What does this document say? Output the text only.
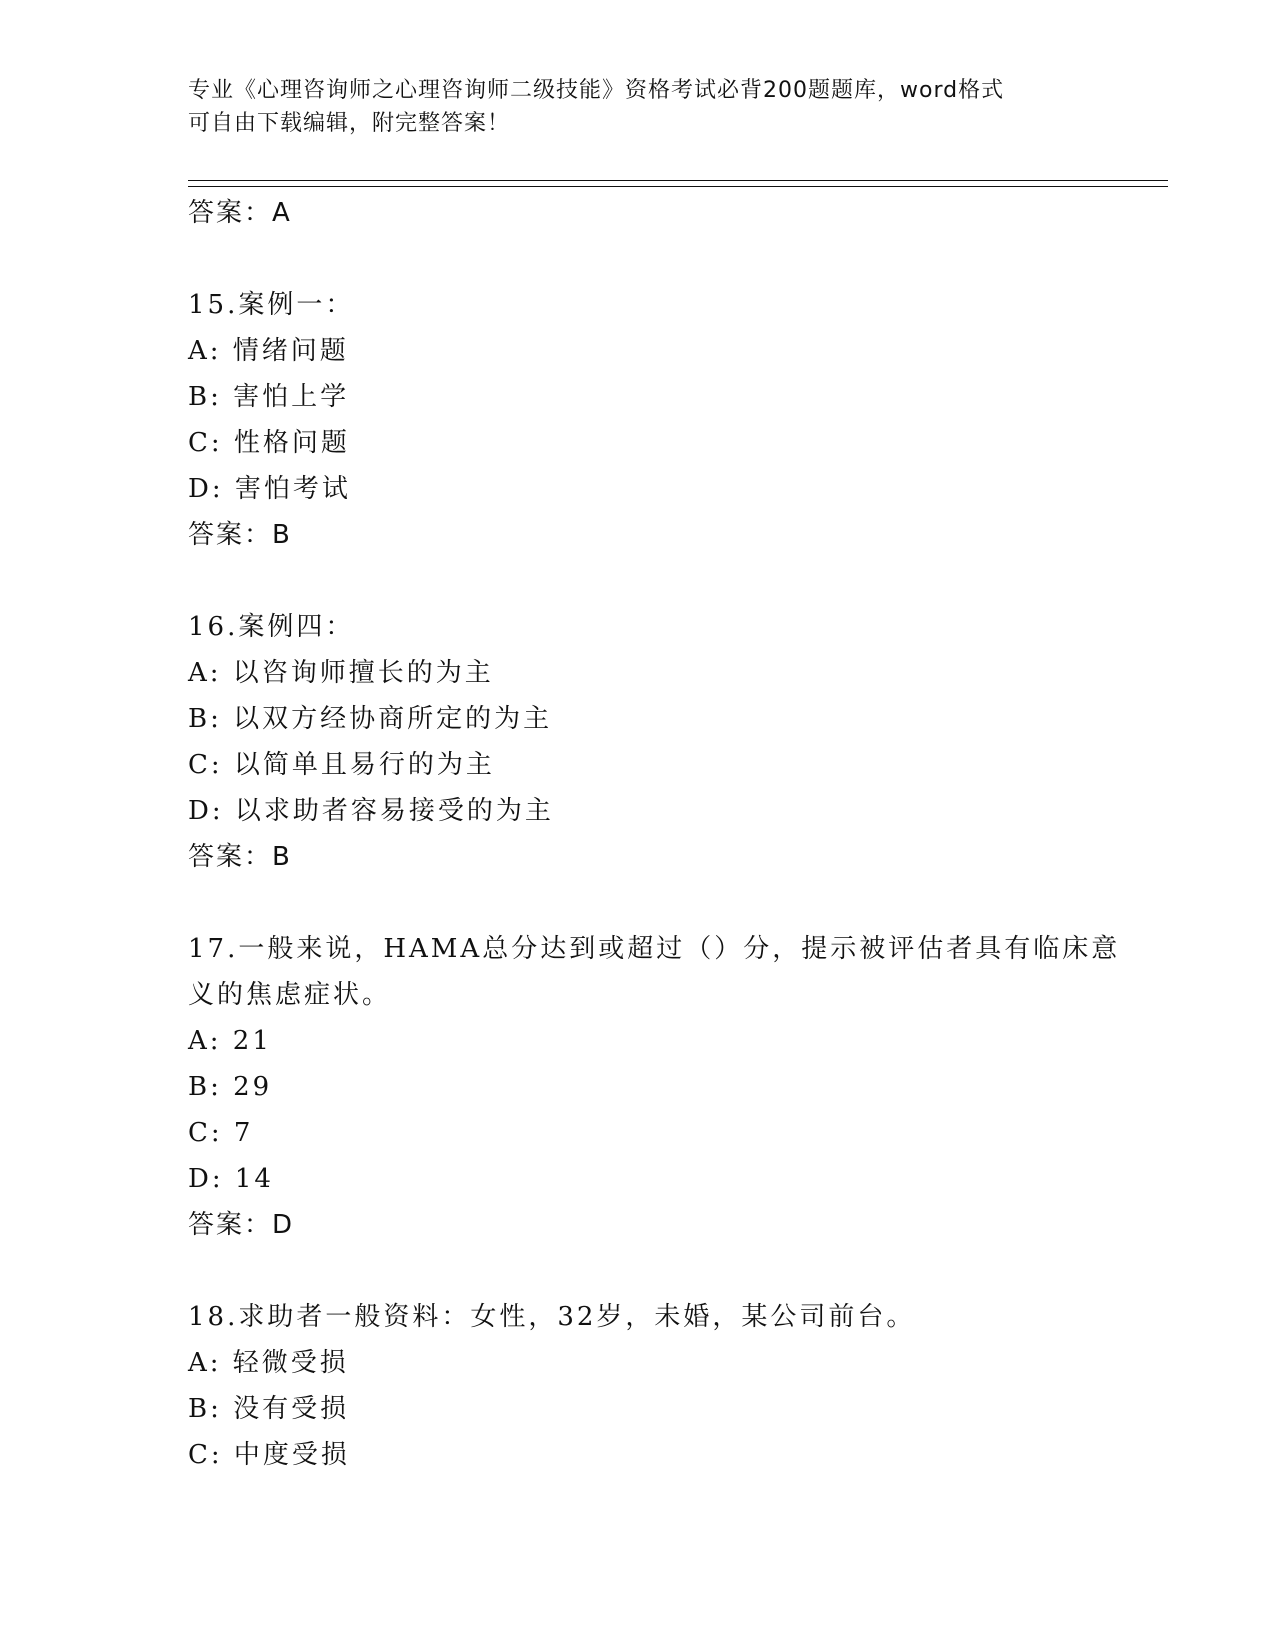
专业《心理咨询师之心理咨询师二级技能》资格考试必背200题题库，word格式
可自由下载编辑，附完整答案！
答案：A
15.案例一：
A: 情绪问题
B: 害怕上学
C: 性格问题
D: 害怕考试
答案：B
16.案例四：
A: 以咨询师擅长的为主
B: 以双方经协商所定的为主
C: 以简单且易行的为主
D: 以求助者容易接受的为主
答案：B
17.一般来说，HAMA总分达到或超过（）分，提示被评估者具有临床意
义的焦虑症状。
A: 21
B: 29
C: 7
D: 14
答案：D
18.求助者一般资料：女性，32岁，未婚，某公司前台。
A: 轻微受损
B: 没有受损
C: 中度受损
